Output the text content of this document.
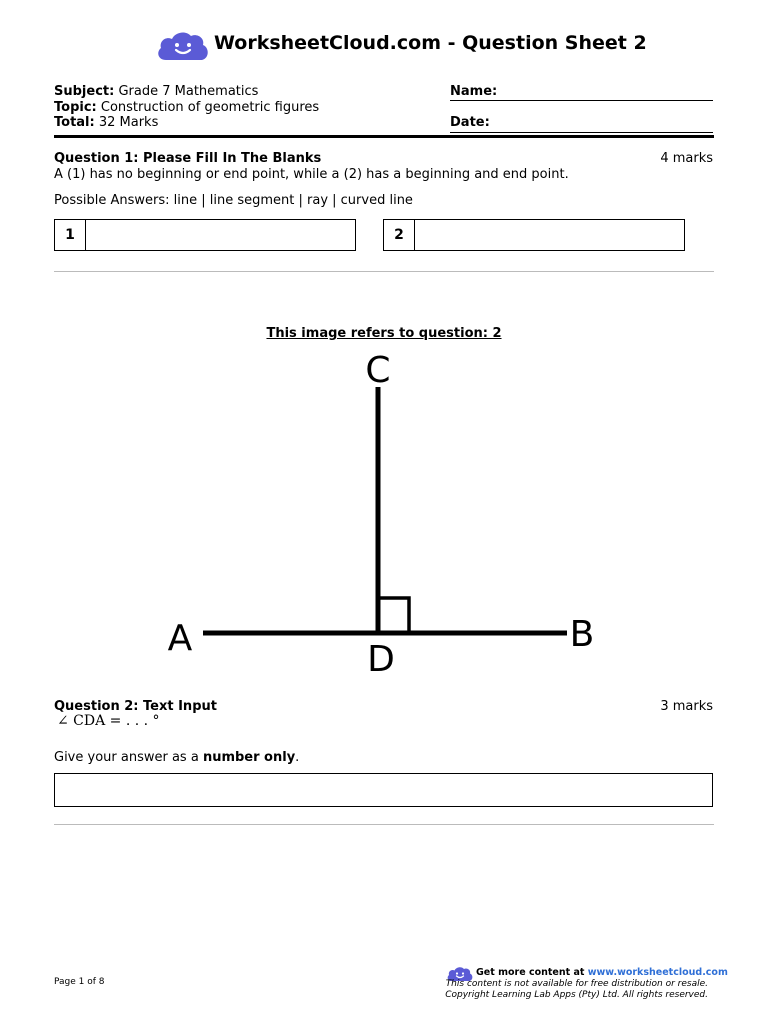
WorksheetCloud.com - Question Sheet 2
Subject: Grade 7 Mathematics
Topic: Construction of geometric figures
Total: 32 Marks
Name:
Date:
Question 1: Please Fill In The Blanks	4 marks
A (1) has no beginning or end point, while a (2) has a beginning and end point.
Possible Answers: line | line segment | ray | curved line
1	2
This image refers to question: 2
C
A	B
D
Question 2: Text Input	3 marks
∠ CDA = . . . °
Give your answer as a number only.
Page 1 of 8
Get more content at www.worksheetcloud.com
This content is not available for free distribution or resale.
Copyright Learning Lab Apps (Pty) Ltd. All rights reserved.
